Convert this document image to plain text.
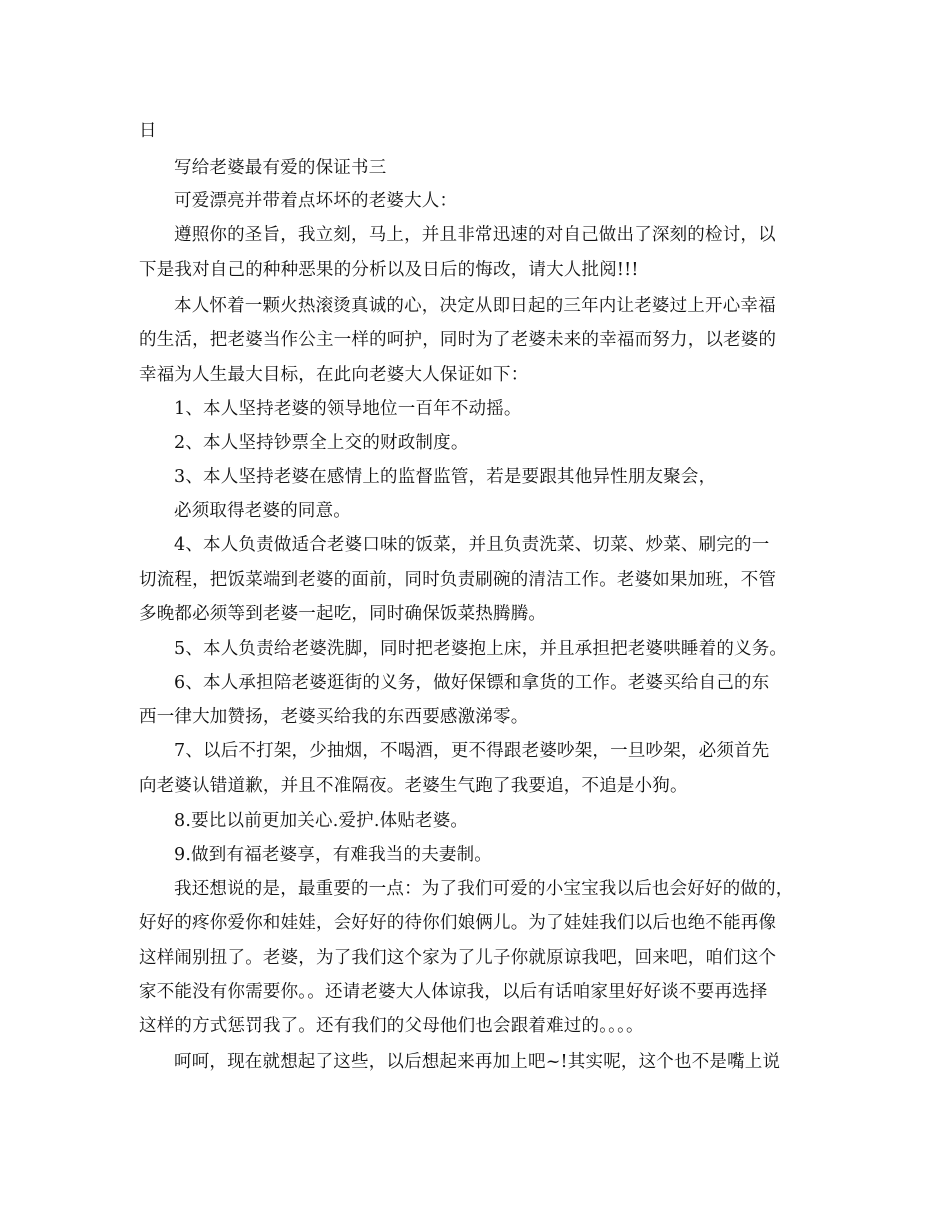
日
写给老婆最有爱的保证书三
可爱漂亮并带着点坏坏的老婆大人：
遵照你的圣旨，我立刻，马上，并且非常迅速的对自己做出了深刻的检讨，以
下是我对自己的种种恶果的分析以及日后的悔改，请大人批阅!!!
本人怀着一颗火热滚烫真诚的心，决定从即日起的三年内让老婆过上开心幸福
的生活，把老婆当作公主一样的呵护，同时为了老婆未来的幸福而努力，以老婆的
幸福为人生最大目标，在此向老婆大人保证如下：
1、本人坚持老婆的领导地位一百年不动摇。
2、本人坚持钞票全上交的财政制度。
3、本人坚持老婆在感情上的监督监管，若是要跟其他异性朋友聚会，
必须取得老婆的同意。
4、本人负责做适合老婆口味的饭菜，并且负责洗菜、切菜、炒菜、刷完的一
切流程，把饭菜端到老婆的面前，同时负责刷碗的清洁工作。老婆如果加班，不管
多晚都必须等到老婆一起吃，同时确保饭菜热腾腾。
5、本人负责给老婆洗脚，同时把老婆抱上床，并且承担把老婆哄睡着的义务。
6、本人承担陪老婆逛街的义务，做好保镖和拿货的工作。老婆买给自己的东
西一律大加赞扬，老婆买给我的东西要感激涕零。
7、以后不打架，少抽烟，不喝酒，更不得跟老婆吵架，一旦吵架，必须首先
向老婆认错道歉，并且不准隔夜。老婆生气跑了我要追，不追是小狗。
8.要比以前更加关心.爱护.体贴老婆。
9.做到有福老婆享，有难我当的夫妻制。
我还想说的是，最重要的一点：为了我们可爱的小宝宝我以后也会好好的做的，
好好的疼你爱你和娃娃，会好好的待你们娘俩儿。为了娃娃我们以后也绝不能再像
这样闹别扭了。老婆，为了我们这个家为了儿子你就原谅我吧，回来吧，咱们这个
家不能没有你需要你。。还请老婆大人体谅我，以后有话咱家里好好谈不要再选择
这样的方式惩罚我了。还有我们的父母他们也会跟着难过的。。。。
呵呵，现在就想起了这些，以后想起来再加上吧~!其实呢，这个也不是嘴上说
